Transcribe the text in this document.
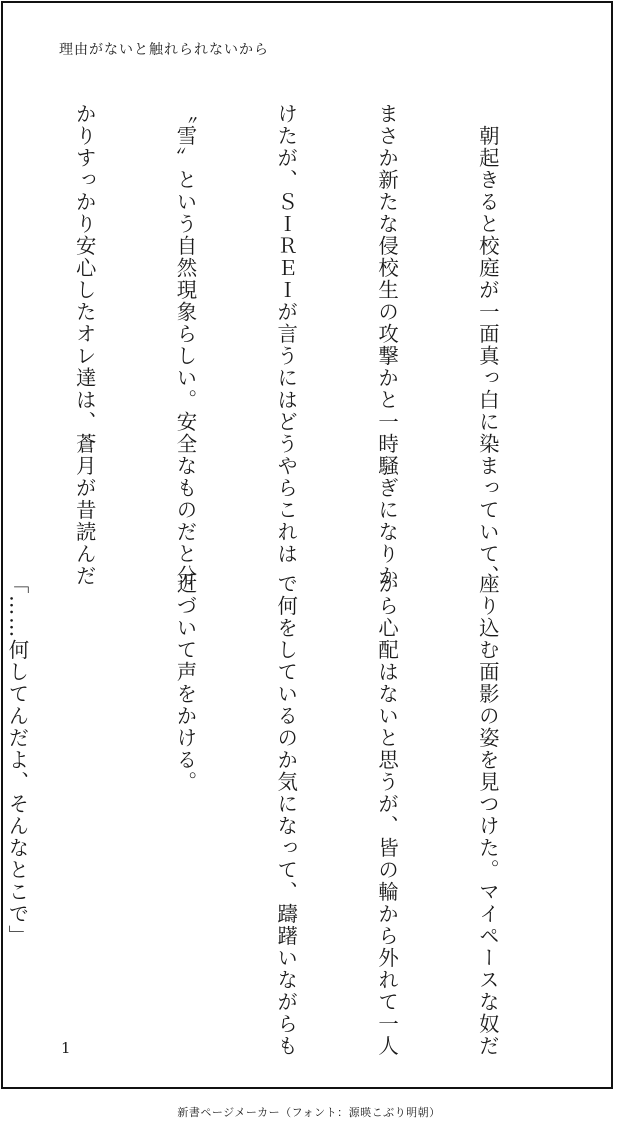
理由がないと触れられないから

　朝起きると校庭が一面真っ白に染まっていて、

まさか新たな侵校生の攻撃かと一時騒ぎになりか

けたが、ＳＩＲＥＩが言うにはどうやらこれは

〝雪〟という自然現象らしい。安全なものだと分

かりすっかり安心したオレ達は、蒼月が昔読んだ

座り込む面影の姿を見つけた。マイペースな奴だ

から心配はないと思うが、皆の輪から外れて一人

で何をしているのか気になって、躊躇いながらも

近づいて声をかける。

「……何してんだよ、そんなとこで」

1
新書ページメーカー（フォント：源暎こぶり明朝）
